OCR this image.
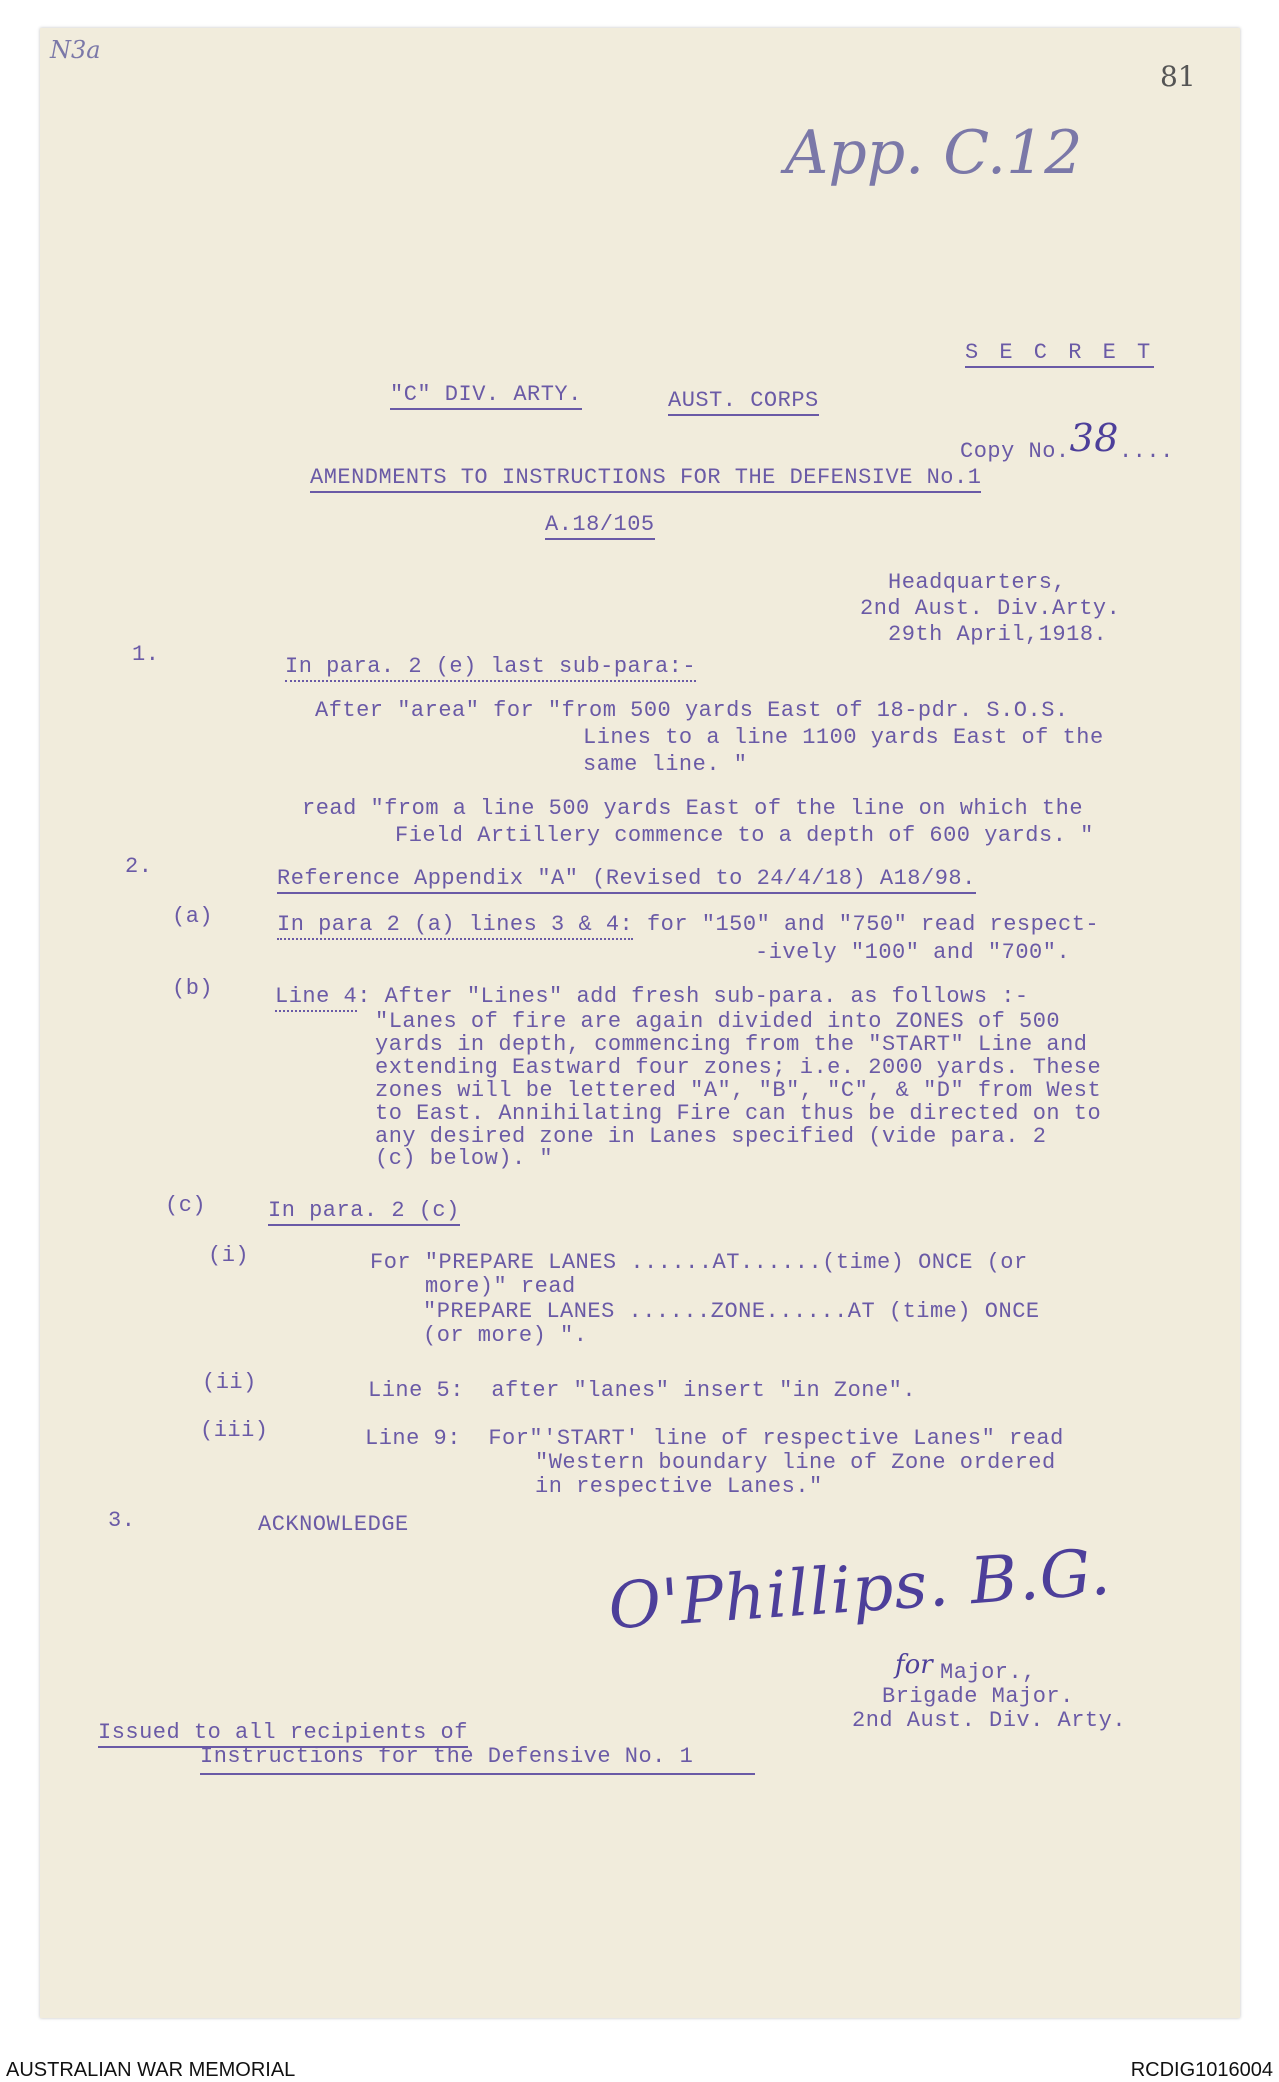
N3a
81
App. C.12
S E C R E T
"C" DIV. ARTY.	AUST. CORPS
Copy No.38....
AMENDMENTS TO INSTRUCTIONS FOR THE DEFENSIVE No.1
A.18/105
Headquarters,
2nd Aust. Div.Arty.
29th April,1918.
1.	In para. 2 (e) last sub-para:-
After "area" for "from 500 yards East of 18-pdr. S.O.S.
Lines to a line 1100 yards East of the
same line. "
read "from a line 500 yards East of the line on which the
Field Artillery commence to a depth of 600 yards. "
2.	Reference Appendix "A" (Revised to 24/4/18) A18/98.
(a)	In para 2 (a) lines 3 & 4: for "150" and "750" read respect-
-ively "100" and "700".
(b)	Line 4: After "Lines" add fresh sub-para. as follows :-
"Lanes of fire are again divided into ZONES of 500
yards in depth, commencing from the "START" Line and
extending Eastward four zones; i.e. 2000 yards. These
zones will be lettered "A", "B", "C", & "D" from West
to East. Annihilating Fire can thus be directed on to
any desired zone in Lanes specified (vide para. 2
(c) below). "
(c)	In para. 2 (c)
(i)	For "PREPARE LANES ......AT......(time) ONCE (or
more)" read
"PREPARE LANES ......ZONE......AT (time) ONCE
(or more) ".
(ii)	Line 5:  after "lanes" insert "in Zone".
(iii)	Line 9:  For"'START' line of respective Lanes" read
"Western boundary line of Zone ordered
in respective Lanes."
3.	ACKNOWLEDGE
O'Phillips. B.G.
for Major.,
Brigade Major.
2nd Aust. Div. Arty.
Issued to all recipients of
Instructions for the Defensive No. 1
AUSTRALIAN WAR MEMORIAL	RCDIG1016004
